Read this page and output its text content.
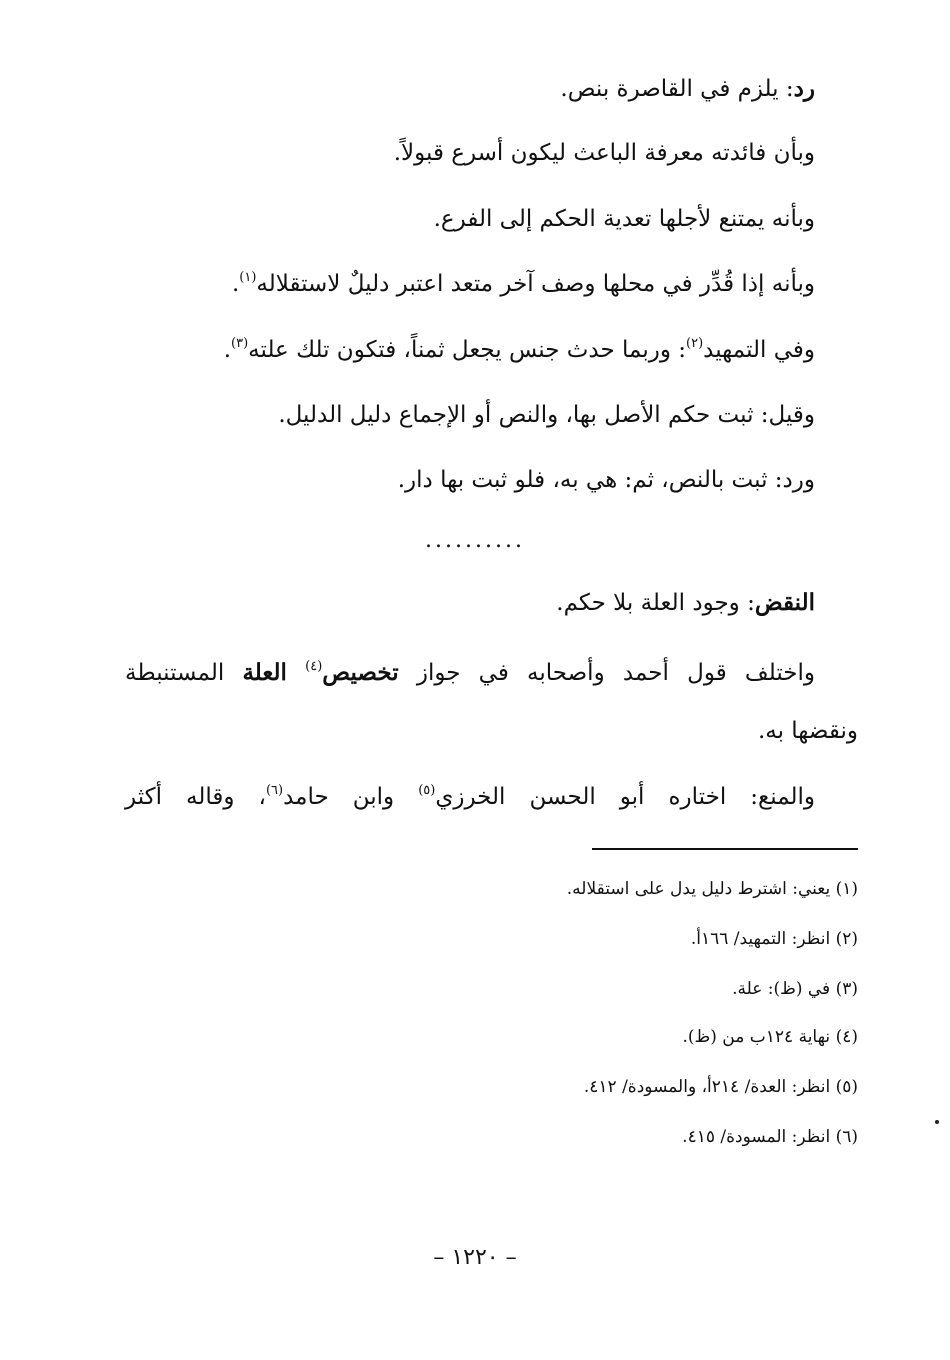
رد: يلزم في القاصرة بنص.
وبأن فائدته معرفة الباعث ليكون أسرع قبولاً.
وبأنه يمتنع لأجلها تعدية الحكم إلى الفرع.
وبأنه إذا قُدِّر في محلها وصف آخر متعد اعتبر دليلٌ لاستقلاله$^{(١)}$.
وفي التمهيد$^{(٢)}$: وربما حدث جنس يجعل ثمناً، فتكون تلك علته$^{(٣)}$.
وقيل: ثبت حكم الأصل بها، والنص أو الإجماع دليل الدليل.
ورد: ثبت بالنص، ثم: هي به، فلو ثبت بها دار.
..........
النقض: وجود العلة بلا حكم.
واختلف قول أحمد وأصحابه في جواز تخصيص$^{(٤)}$ العلة المستنبطة
ونقضها به.
والمنع: اختاره أبو الحسن الخرزي$^{(٥)}$ وابن حامد$^{(٦)}$، وقاله أكثر
(١) يعني: اشترط دليل يدل على استقلاله.
(٢) انظر: التمهيد/ ١٦٦أ.
(٣) في (ظ): علة.
(٤) نهاية ١٢٤ب من (ظ).
(٥) انظر: العدة/ ٢١٤أ، والمسودة/ ٤١٢.
(٦) انظر: المسودة/ ٤١٥.
– ١٢٢٠ –
